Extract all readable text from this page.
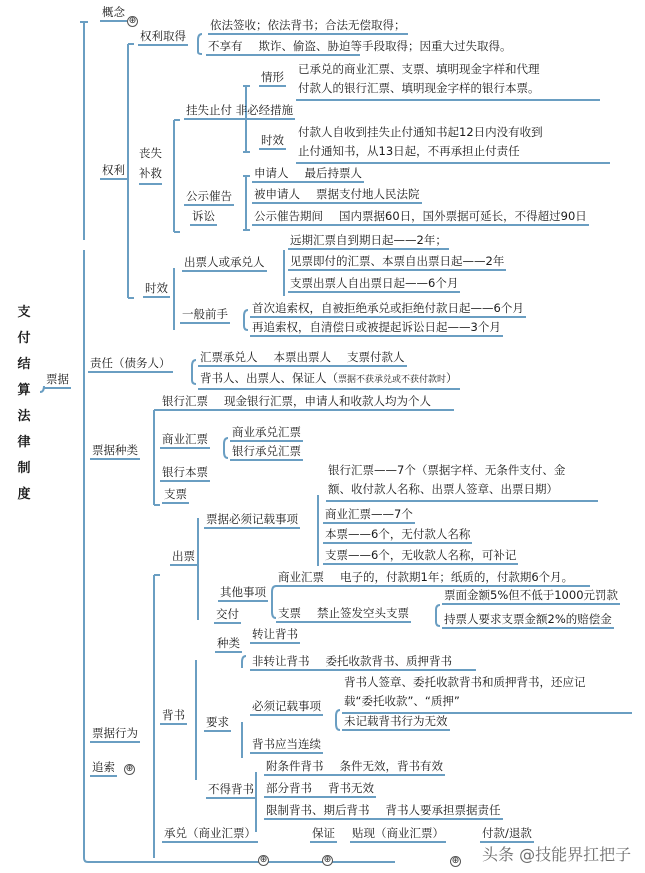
支
付
结
算
法
律
制
度
票据
概念
⊕
权利
责任（债务人）
票据种类
票据行为
追索 ⊕
权利取得
依法签收；依法背书；合法无偿取得；
不享有 欺诈、偷盗、胁迫等手段取得；因重大过失取得。
丧失
补救
挂失止付 非必经措施
情形
已承兑的商业汇票、支票、填明现金字样和代理
付款人的银行汇票、填明现金字样的银行本票。
时效
付款人自收到挂失止付通知书起12日内没有收到
止付通知书，从13日起，不再承担止付责任
公示催告
诉讼
申请人 最后持票人
被申请人 票据支付地人民法院
公示催告期间 国内票据60日，国外票据可延长，不得超过90日
时效
出票人或承兑人
远期汇票自到期日起——2年；
见票即付的汇票、本票自出票日起——2年
支票出票人自出票日起——6个月
一般前手 首次追索权，自被拒绝承兑或拒绝付款日起——6个月
再追索权，自清偿日或被提起诉讼日起——3个月
汇票承兑人 本票出票人 支票付款人
背书人、出票人、保证人（票据不获承兑或不获付款时）
银行汇票 现金银行汇票，申请人和收款人均为个人
商业汇票 商业承兑汇票
银行承兑汇票
银行本票
支票
出票
票据必须记载事项
银行汇票——7个（票据字样、无条件支付、金
额、收付款人名称、出票人签章、出票日期）
商业汇票——7个
本票——6个，无付款人名称
支票——6个，无收款人名称，可补记
其他事项
交付
商业汇票 电子的，付款期1年；纸质的，付款期6个月。
支票 禁止签发空头支票
票面金额5%但不低于1000元罚款
持票人要求支票金额2%的赔偿金
背书
种类
转让背书
非转让背书 委托收款背书、质押背书
要求
必须记载事项
背书人签章、委托收款背书和质押背书，还应记
载“委托收款”、“质押”
未记载背书行为无效
背书应当连续
不得背书
附条件背书 条件无效，背书有效
部分背书 背书无效
限制背书、期后背书 背书人要承担票据责任
承兑（商业汇票）	保证 贴现（商业汇票）	付款/退款
⊕	⊕	⊕ 头条 @技能界扛把子
